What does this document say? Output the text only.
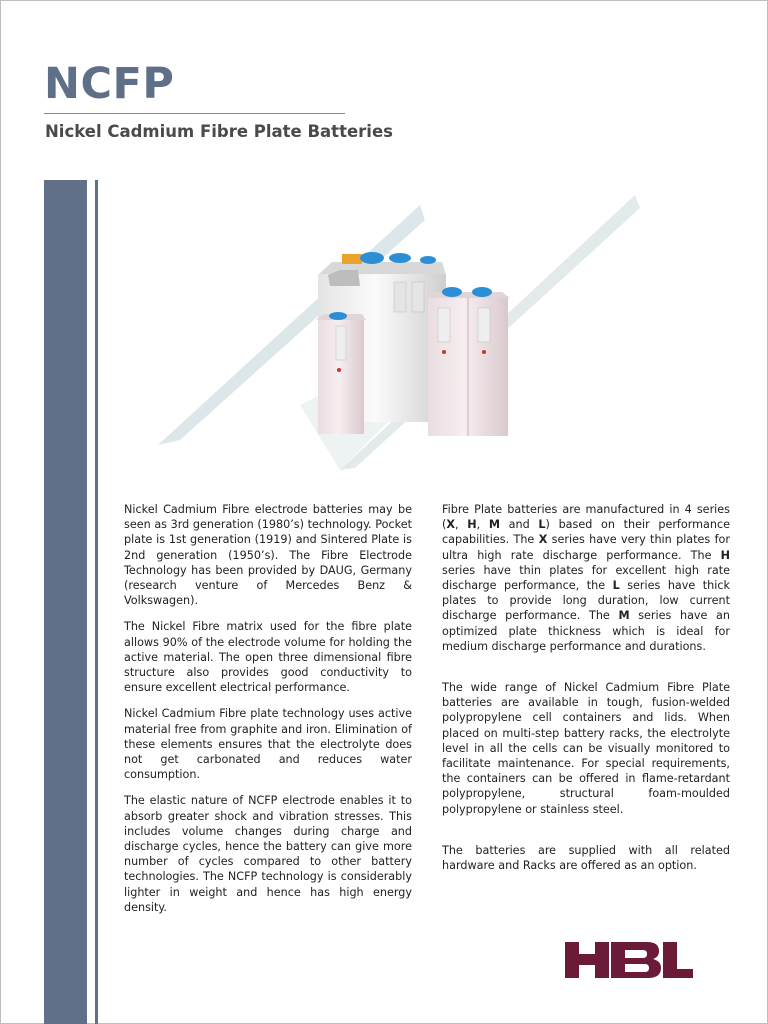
NCFP
Nickel Cadmium Fibre Plate Batteries

Nickel Cadmium Fibre electrode batteries may be seen as 3rd generation (1980’s) technology. Pocket plate is 1st generation (1919) and Sintered Plate is 2nd generation (1950’s). The Fibre Electrode Technology has been provided by DAUG, Germany (research venture of Mercedes Benz & Volkswagen).

The Nickel Fibre matrix used for the fibre plate allows 90% of the electrode volume for holding the active material. The open three dimensional fibre structure also provides good conductivity to ensure excellent electrical performance.

Nickel Cadmium Fibre plate technology uses active material free from graphite and iron. Elimination of these elements ensures that the electrolyte does not get carbonated and reduces water consumption.

The elastic nature of NCFP electrode enables it to absorb greater shock and vibration stresses. This includes volume changes during charge and discharge cycles, hence the battery can give more number of cycles compared to other battery technologies. The NCFP technology is considerably lighter in weight and hence has high energy density.

Fibre Plate batteries are manufactured in 4 series (X, H, M and L) based on their performance capabilities. The X series have very thin plates for ultra high rate discharge performance. The H series have thin plates for excellent high rate discharge performance, the L series have thick plates to provide long duration, low current discharge performance. The M series have an optimized plate thickness which is ideal for medium discharge performance and durations.

The wide range of Nickel Cadmium Fibre Plate batteries are available in tough, fusion-welded polypropylene cell containers and lids. When placed on multi-step battery racks, the electrolyte level in all the cells can be visually monitored to facilitate maintenance. For special requirements, the containers can be offered in flame-retardant polypropylene, structural foam-moulded polypropylene or stainless steel.

The batteries are supplied with all related hardware and Racks are offered as an option.
